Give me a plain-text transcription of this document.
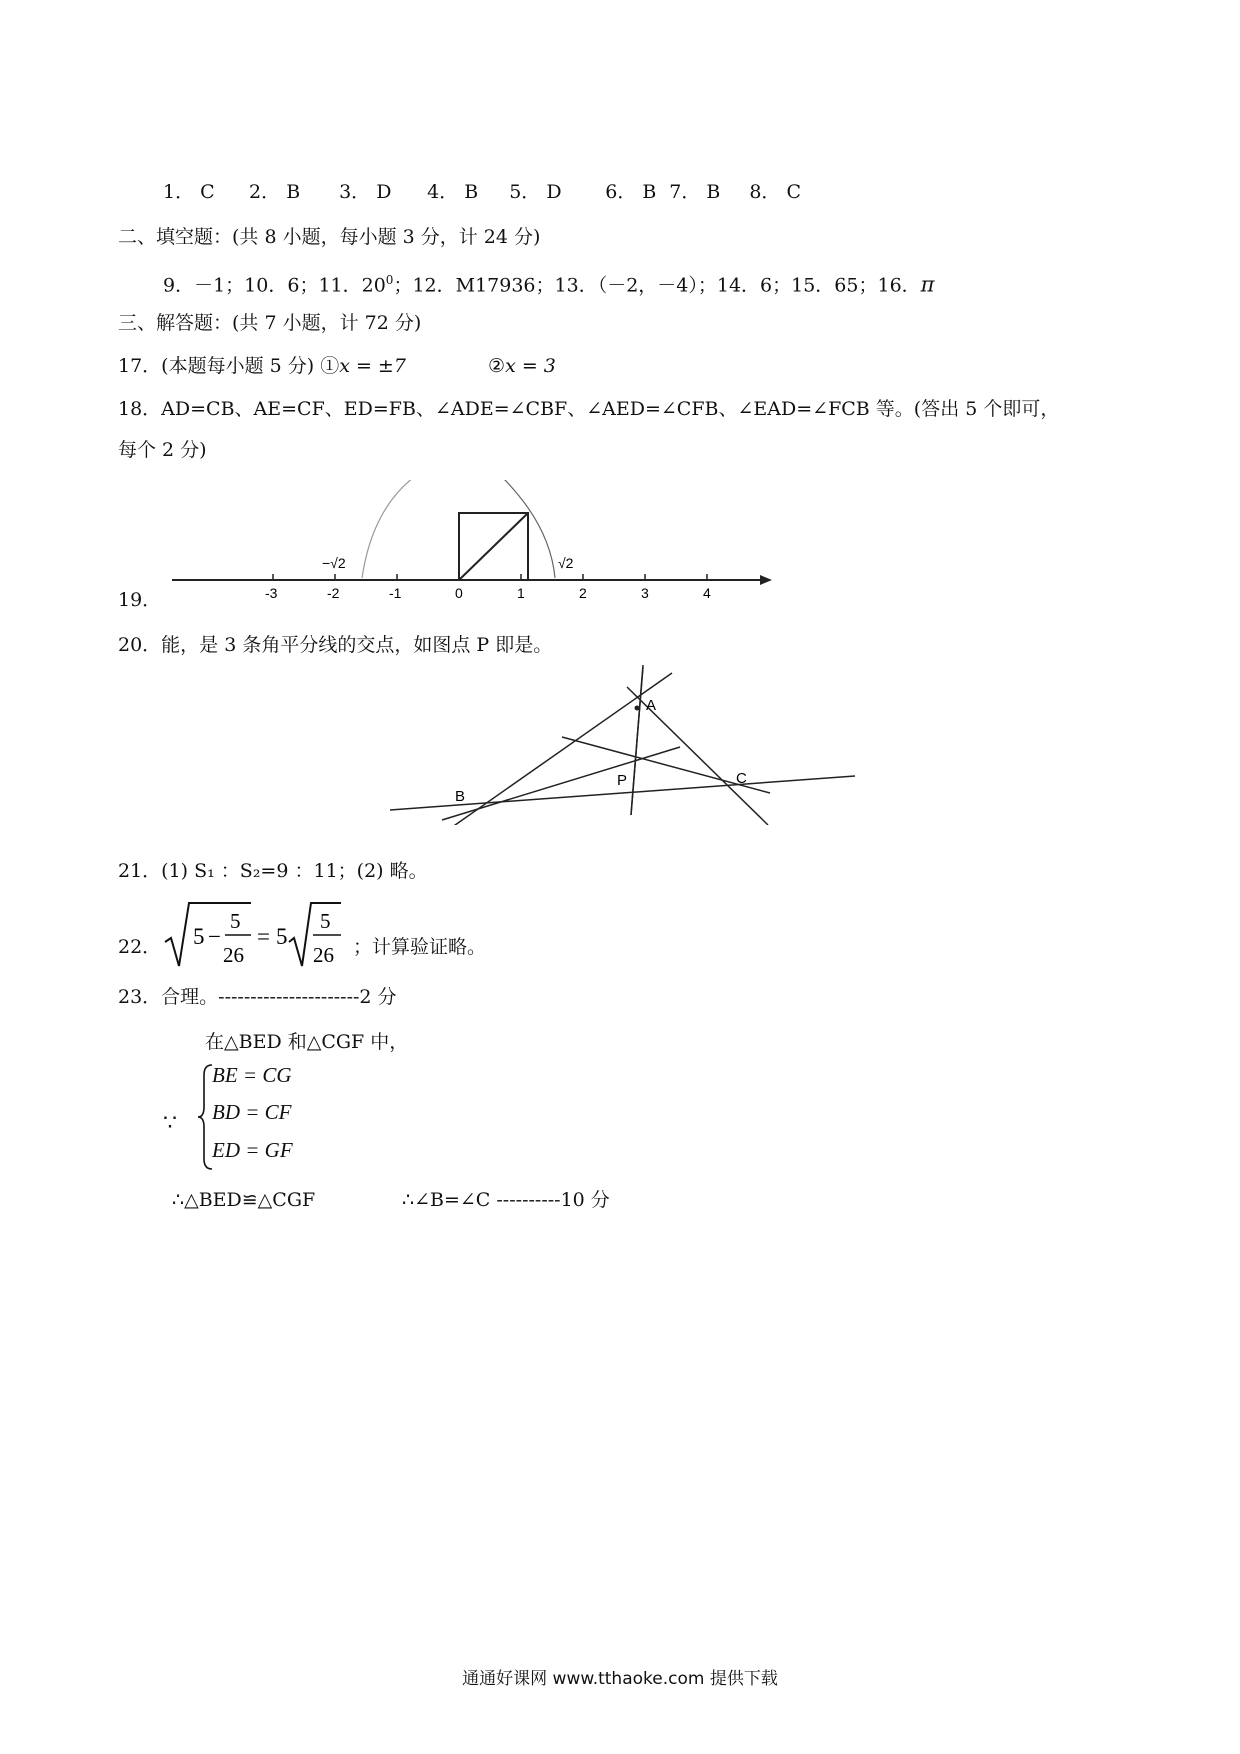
1． C 2． B 3． D 4． B 5． D 6． B 7． B 8． C
二、填空题：(共 8 小题，每小题 3 分，计 24 分)
9．－1；10．6；11．$20^0$；12．M17936；13．（－2，－4）；14．6；15．65；16．π
三、解答题：(共 7 小题，计 72 分)
17．(本题每小题 5 分) ①x = ±7	②x = 3
18．AD=CB、AE=CF、ED=FB、∠ADE=∠CBF、∠AED=∠CFB、∠EAD=∠FCB 等。(答出 5 个即可，
每个 2 分)
19．	-3	-2	-1	0	1	2	3	4
−√2	√2
20．能，是 3 条角平分线的交点，如图点 P 即是。
A
B
C
P
21．(1) S₁ ：S₂=9 ：11；(2) 略。
22． 5 −
5
26
= 5
5
26 ；计算验证略。
23．合理。----------------------2 分
在△BED 和△CGF 中，
∵
BE = CG
BD = CF
ED = GF
∴△BED≌△CGF	∴∠B=∠C ----------10 分
通通好课网 www.tthaoke.com 提供下载
